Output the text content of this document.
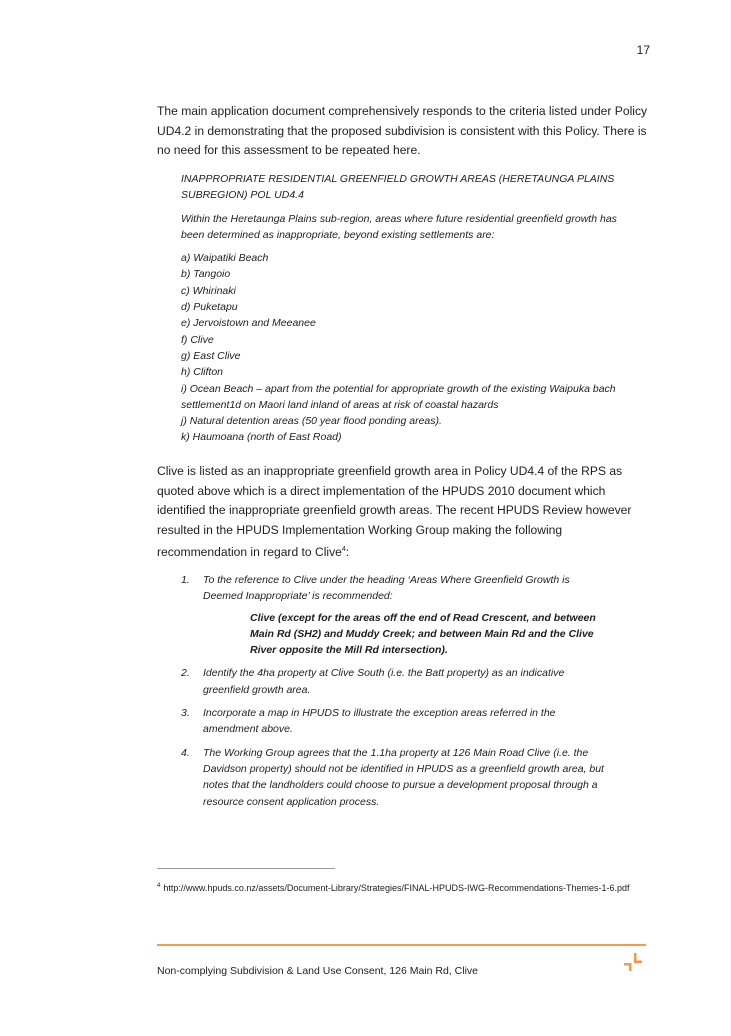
17

The main application document comprehensively responds to the criteria listed under Policy UD4.2 in demonstrating that the proposed subdivision is consistent with this Policy. There is no need for this assessment to be repeated here.

INAPPROPRIATE RESIDENTIAL GREENFIELD GROWTH AREAS (HERETAUNGA PLAINS SUBREGION) POL UD4.4

Within the Heretaunga Plains sub-region, areas where future residential greenfield growth has been determined as inappropriate, beyond existing settlements are:

a) Waipatiki Beach

b) Tangoio

c) Whirinaki

d) Puketapu

e) Jervoistown and Meeanee

f) Clive

g) East Clive

h) Clifton

i) Ocean Beach – apart from the potential for appropriate growth of the existing Waipuka bach settlement1d on Maori land inland of areas at risk of coastal hazards

j) Natural detention areas (50 year flood ponding areas).

k) Haumoana (north of East Road)

Clive is listed as an inappropriate greenfield growth area in Policy UD4.4 of the RPS as quoted above which is a direct implementation of the HPUDS 2010 document which identified the inappropriate greenfield growth areas. The recent HPUDS Review however resulted in the HPUDS Implementation Working Group making the following recommendation in regard to Clive$^4$:

1. To the reference to Clive under the heading ‘Areas Where Greenfield Growth is Deemed Inappropriate’ is recommended:
Clive (except for the areas off the end of Read Crescent, and between Main Rd (SH2) and Muddy Creek; and between Main Rd and the Clive River opposite the Mill Rd intersection).
2. Identify the 4ha property at Clive South (i.e. the Batt property) as an indicative greenfield growth area.
3. Incorporate a map in HPUDS to illustrate the exception areas referred in the amendment above.
4. The Working Group agrees that the 1.1ha property at 126 Main Road Clive (i.e. the Davidson property) should not be identified in HPUDS as a greenfield growth area, but notes that the landholders could choose to pursue a development proposal through a resource consent application process.
$^4$ http://www.hpuds.co.nz/assets/Document-Library/Strategies/FINAL-HPUDS-IWG-Recommendations-Themes-1-6.pdf
Non-complying Subdivision & Land Use Consent, 126 Main Rd, Clive
